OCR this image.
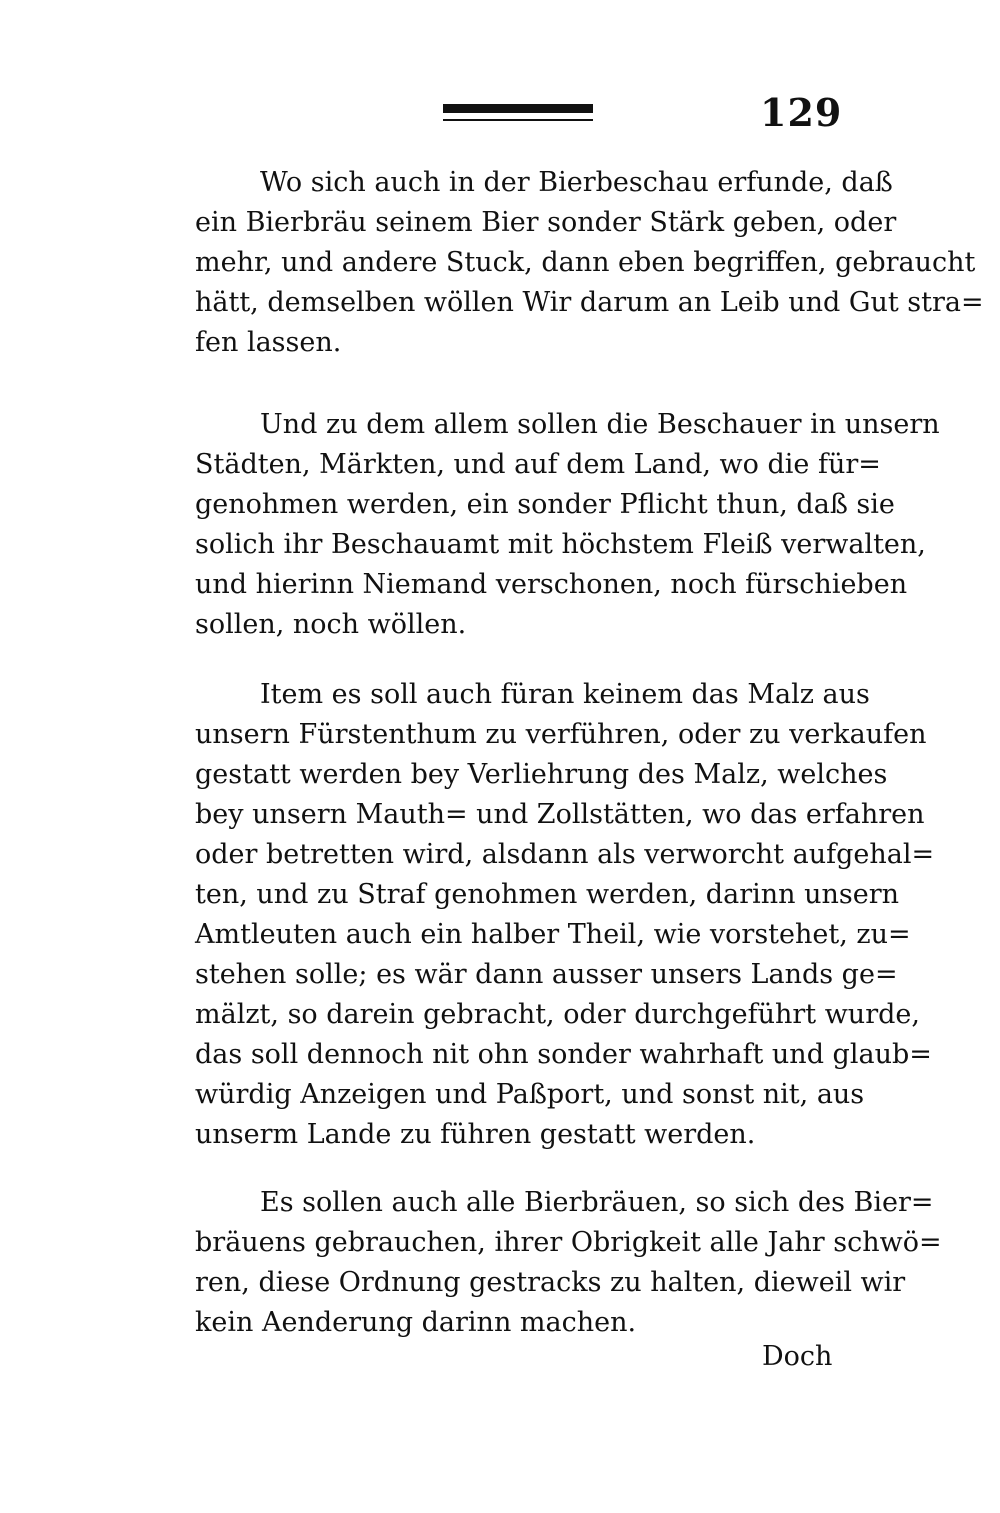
129
Wo sich auch in der Bierbeschau erfunde, daß
ein Bierbräu seinem Bier sonder Stärk geben, oder
mehr, und andere Stuck, dann eben begriffen, gebraucht
hätt, demselben wöllen Wir darum an Leib und Gut stra=
fen lassen.
Und zu dem allem sollen die Beschauer in unsern
Städten, Märkten, und auf dem Land, wo die für=
genohmen werden, ein sonder Pflicht thun, daß sie
solich ihr Beschauamt mit höchstem Fleiß verwalten,
und hierinn Niemand verschonen, noch fürschieben
sollen, noch wöllen.
Item es soll auch füran keinem das Malz aus
unsern Fürstenthum zu verführen, oder zu verkaufen
gestatt werden bey Verliehrung des Malz, welches
bey unsern Mauth= und Zollstätten, wo das erfahren
oder betretten wird, alsdann als verworcht aufgehal=
ten, und zu Straf genohmen werden, darinn unsern
Amtleuten auch ein halber Theil, wie vorstehet, zu=
stehen solle; es wär dann ausser unsers Lands ge=
mälzt, so darein gebracht, oder durchgeführt wurde,
das soll dennoch nit ohn sonder wahrhaft und glaub=
würdig Anzeigen und Paßport, und sonst nit, aus
unserm Lande zu führen gestatt werden.
Es sollen auch alle Bierbräuen, so sich des Bier=
bräuens gebrauchen, ihrer Obrigkeit alle Jahr schwö=
ren, diese Ordnung gestracks zu halten, dieweil wir
kein Aenderung darinn machen.
Doch
